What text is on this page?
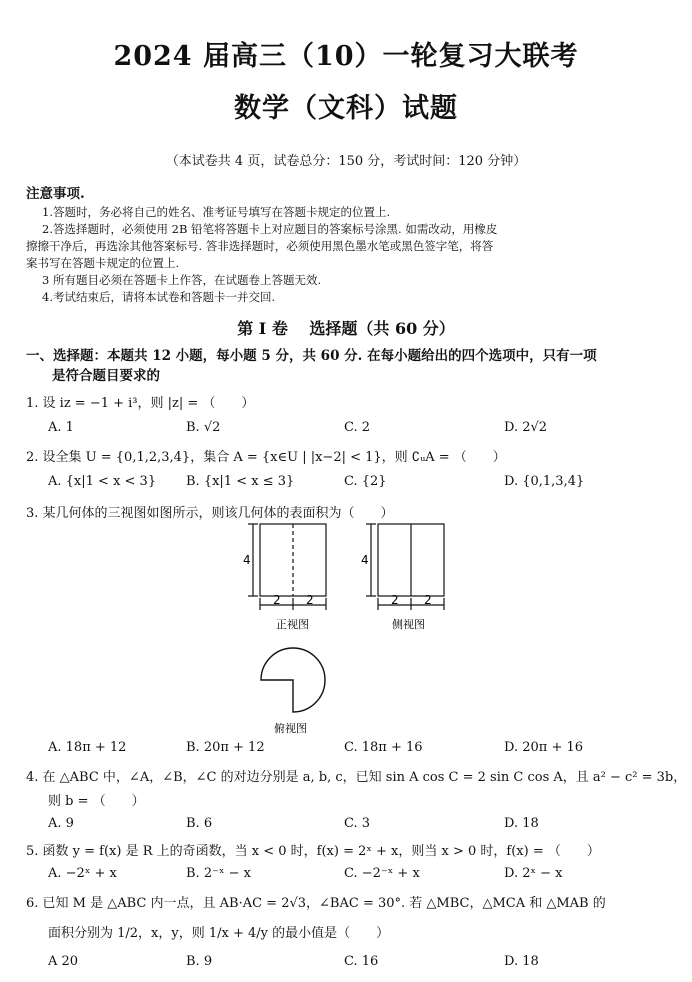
2024 届高三（10）一轮复习大联考
数学（文科）试题
（本试卷共 4 页，试卷总分：150 分，考试时间：120 分钟）
注意事项.
1.答题时，务必将自己的姓名、准考证号填写在答题卡规定的位置上.
2.答选择题时，必须使用 2B 铅笔将答题卡上对应题目的答案标号涂黑. 如需改动，用橡皮
擦擦干净后，再选涂其他答案标号. 答非选择题时，必须使用黑色墨水笔或黑色签字笔，将答
案书写在答题卡规定的位置上.
3 所有题目必须在答题卡上作答，在试题卷上答题无效.
4.考试结束后，请将本试卷和答题卡一并交回.
第 I 卷　 选择题（共 60 分）
一、选择题：本题共 12 小题，每小题 5 分，共 60 分. 在每小题给出的四个选项中，只有一项
是符合题目要求的
1. 设 iz = −1 + i³，则 |z| = （　　）
A. 1	B. √2	C. 2	D. 2√2
2. 设全集 U = {0,1,2,3,4}，集合 A = {x∈U | |x−2| < 1}，则 ∁ᵤA = （　　）
A. {x|1 < x < 3} B. {x|1 < x ≤ 3}	C. {2}	D. {0,1,3,4}
3. 某几何体的三视图如图所示，则该几何体的表面积为（　　）
4
2 2
正视图
4
2 2
侧视图
俯视图
A. 18π + 12	B. 20π + 12	C. 18π + 16	D. 20π + 16
4. 在 △ABC 中，∠A，∠B，∠C 的对边分别是 a, b, c，已知 sin A cos C = 2 sin C cos A，且 a² − c² = 3b，
则 b = （　　）
A. 9	B. 6	C. 3	D. 18
5. 函数 y = f(x) 是 R 上的奇函数，当 x < 0 时，f(x) = 2ˣ + x，则当 x > 0 时，f(x) = （　　）
A. −2ˣ + x	B. 2⁻ˣ − x	C. −2⁻ˣ + x	D. 2ˣ − x
6. 已知 M 是 △ABC 内一点，且 AB·AC = 2√3，∠BAC = 30°. 若 △MBC，△MCA 和 △MAB 的
面积分别为 1/2，x，y，则 1/x + 4/y 的最小值是（　　）
A 20	B. 9	C. 16	D. 18
